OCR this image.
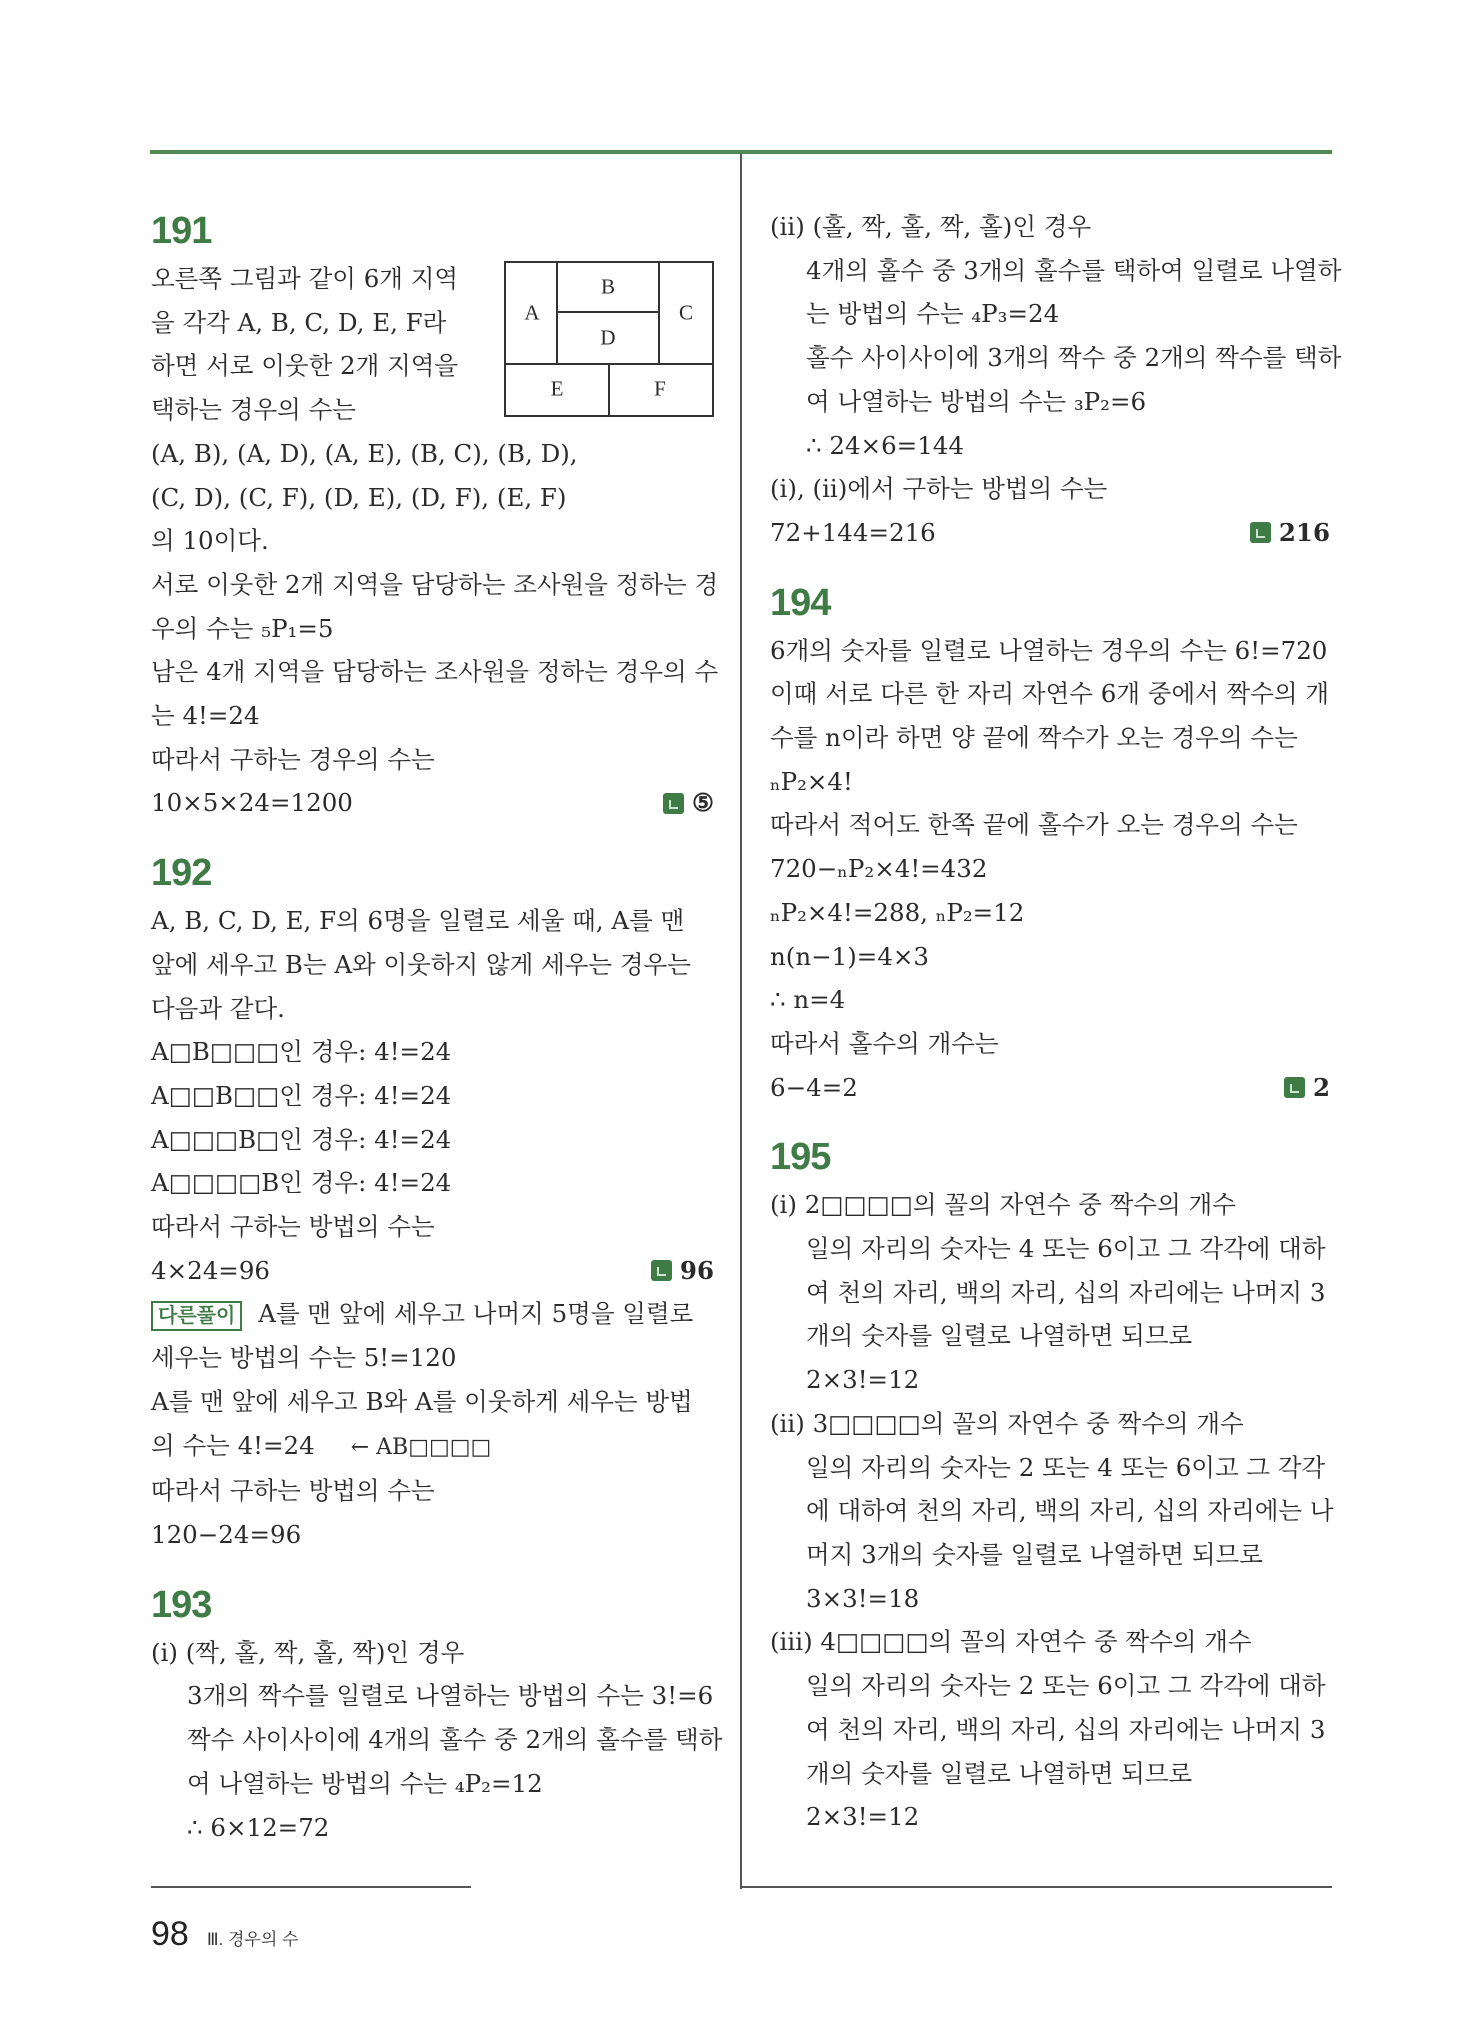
A
B
C
D
E	F

191

오른쪽 그림과 같이 6개 지역

을 각각 A, B, C, D, E, F라

하면 서로 이웃한 2개 지역을

택하는 경우의 수는

(A, B), (A, D), (A, E), (B, C), (B, D),

(C, D), (C, F), (D, E), (D, F), (E, F)

의 10이다.

서로 이웃한 2개 지역을 담당하는 조사원을 정하는 경

우의 수는 ₅P₁=5

남은 4개 지역을 담당하는 조사원을 정하는 경우의 수

는 4!=24

따라서 구하는 경우의 수는

10×5×24=1200	⑤

192

A, B, C, D, E, F의 6명을 일렬로 세울 때, A를 맨

앞에 세우고 B는 A와 이웃하지 않게 세우는 경우는

다음과 같다.

A□B□□□인 경우: 4!=24

A□□B□□인 경우: 4!=24

A□□□B□인 경우: 4!=24

A□□□□B인 경우: 4!=24

따라서 구하는 방법의 수는

4×24=96	96

다른풀이 A를 맨 앞에 세우고 나머지 5명을 일렬로

세우는 방법의 수는 5!=120

A를 맨 앞에 세우고 B와 A를 이웃하게 세우는 방법

의 수는 4!=24 ← AB□□□□

따라서 구하는 방법의 수는

120−24=96

193

(i) (짝, 홀, 짝, 홀, 짝)인 경우

3개의 짝수를 일렬로 나열하는 방법의 수는 3!=6

짝수 사이사이에 4개의 홀수 중 2개의 홀수를 택하

여 나열하는 방법의 수는 ₄P₂=12

∴ 6×12=72

(ii) (홀, 짝, 홀, 짝, 홀)인 경우

4개의 홀수 중 3개의 홀수를 택하여 일렬로 나열하

는 방법의 수는 ₄P₃=24

홀수 사이사이에 3개의 짝수 중 2개의 짝수를 택하

여 나열하는 방법의 수는 ₃P₂=6

∴ 24×6=144

(i), (ii)에서 구하는 방법의 수는

72+144=216	216

194

6개의 숫자를 일렬로 나열하는 경우의 수는 6!=720

이때 서로 다른 한 자리 자연수 6개 중에서 짝수의 개

수를 n이라 하면 양 끝에 짝수가 오는 경우의 수는

ₙP₂×4!

따라서 적어도 한쪽 끝에 홀수가 오는 경우의 수는

720−ₙP₂×4!=432

ₙP₂×4!=288, ₙP₂=12

n(n−1)=4×3

∴ n=4

따라서 홀수의 개수는

6−4=2	2

195

(i) 2□□□□의 꼴의 자연수 중 짝수의 개수

일의 자리의 숫자는 4 또는 6이고 그 각각에 대하

여 천의 자리, 백의 자리, 십의 자리에는 나머지 3

개의 숫자를 일렬로 나열하면 되므로

2×3!=12

(ii) 3□□□□의 꼴의 자연수 중 짝수의 개수

일의 자리의 숫자는 2 또는 4 또는 6이고 그 각각

에 대하여 천의 자리, 백의 자리, 십의 자리에는 나

머지 3개의 숫자를 일렬로 나열하면 되므로

3×3!=18

(iii) 4□□□□의 꼴의 자연수 중 짝수의 개수

일의 자리의 숫자는 2 또는 6이고 그 각각에 대하

여 천의 자리, 백의 자리, 십의 자리에는 나머지 3

개의 숫자를 일렬로 나열하면 되므로

2×3!=12

98 Ⅲ. 경우의 수
